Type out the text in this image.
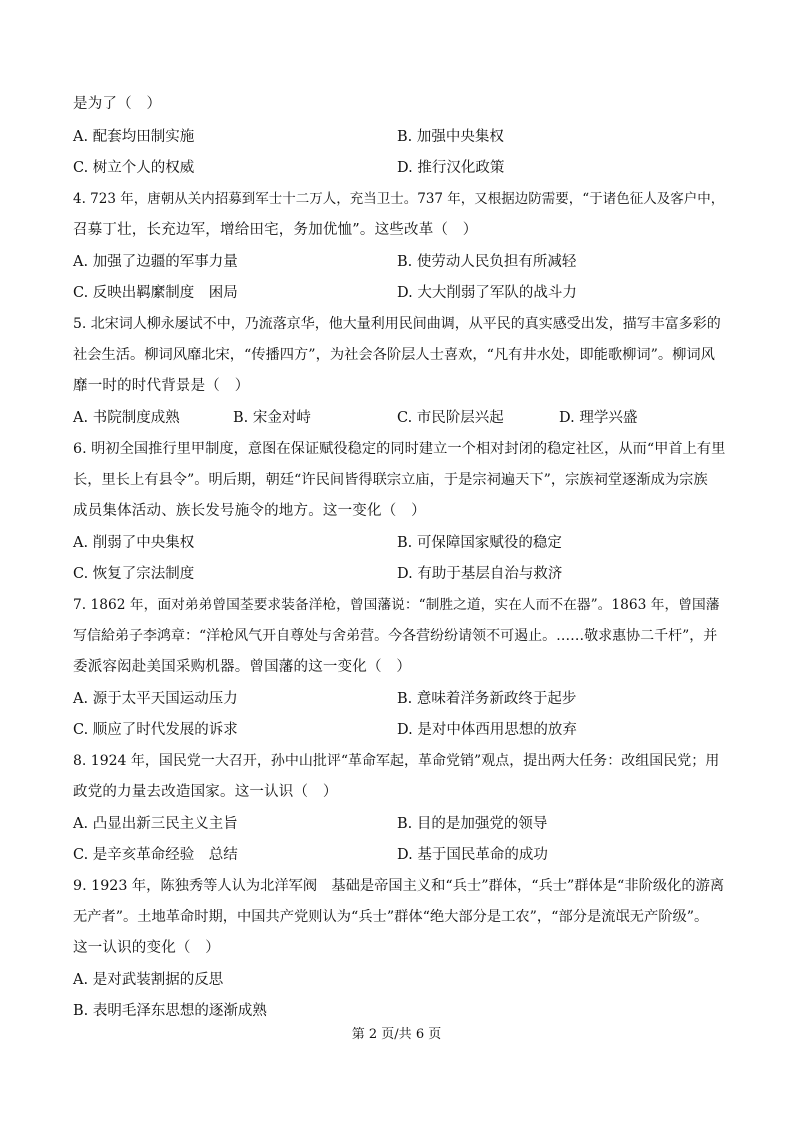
是为了（　）
A. 配套均田制实施	B. 加强中央集权
C. 树立个人的权威	D. 推行汉化政策
4. 723 年，唐朝从关内招募到军士十二万人，充当卫士。737 年，又根据边防需要，“于诸色征人及客户中，
召募丁壮，长充边军，增给田宅，务加优恤”。这些改革（　）
A. 加强了边疆的军事力量	B. 使劳动人民负担有所减轻
C. 反映出羁縻制度　困局	D. 大大削弱了军队的战斗力
5. 北宋词人柳永屡试不中，乃流落京华，他大量利用民间曲调，从平民的真实感受出发，描写丰富多彩的
社会生活。柳词风靡北宋，“传播四方”，为社会各阶层人士喜欢，“凡有井水处，即能歌柳词”。柳词风
靡一时的时代背景是（　）
A. 书院制度成熟	B. 宋金对峙	C. 市民阶层兴起	D. 理学兴盛
6. 明初全国推行里甲制度，意图在保证赋役稳定的同时建立一个相对封闭的稳定社区，从而“甲首上有里
长，里长上有县令”。明后期，朝廷“许民间皆得联宗立庙，于是宗祠遍天下”，宗族祠堂逐渐成为宗族
成员集体活动、族长发号施令的地方。这一变化（　）
A. 削弱了中央集权	B. 可保障国家赋役的稳定
C. 恢复了宗法制度	D. 有助于基层自治与救济
7. 1862 年，面对弟弟曾国荃要求装备洋枪，曾国藩说：“制胜之道，实在人而不在器”。1863 年，曾国藩
写信給弟子李鸿章：“洋枪风气开自尊处与舍弟营。今各营纷纷请领不可遏止。……敬求惠协二千杆”，并
委派容闳赴美国采购机器。曾国藩的这一变化（　）
A. 源于太平天国运动压力	B. 意味着洋务新政终于起步
C. 顺应了时代发展的诉求	D. 是对中体西用思想的放弃
8. 1924 年，国民党一大召开，孙中山批评“革命军起，革命党销”观点，提出两大任务：改组国民党；用
政党的力量去改造国家。这一认识（　）
A. 凸显出新三民主义主旨	B. 目的是加强党的领导
C. 是辛亥革命经验　总结	D. 基于国民革命的成功
9. 1923 年，陈独秀等人认为北洋军阀　基础是帝国主义和“兵士”群体，“兵士”群体是“非阶级化的游离
无产者”。土地革命时期，中国共产党则认为“兵士”群体“绝大部分是工农”，“部分是流氓无产阶级”。
这一认识的变化（　）
A. 是对武装割据的反思
B. 表明毛泽东思想的逐渐成熟
第 2 页/共 6 页
